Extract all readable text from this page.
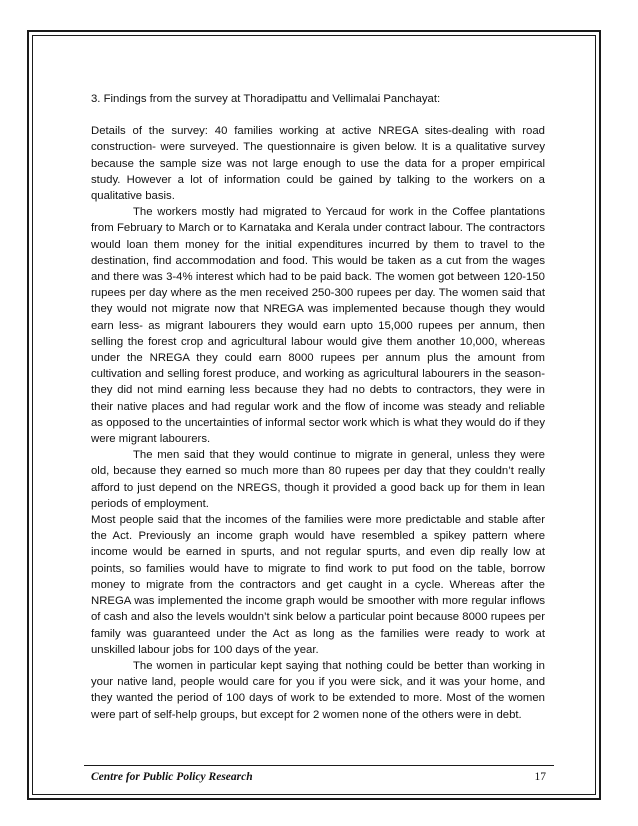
3. Findings from the survey at Thoradipattu and Vellimalai Panchayat:

Details of the survey: 40 families working at active NREGA sites-dealing with road construction- were surveyed. The questionnaire is given below. It is a qualitative survey because the sample size was not large enough to use the data for a proper empirical study. However a lot of information could be gained by talking to the workers on a qualitative basis.

The workers mostly had migrated to Yercaud for work in the Coffee plantations from February to March or to Karnataka and Kerala under contract labour. The contractors would loan them money for the initial expenditures incurred by them to travel to the destination, find accommodation and food. This would be taken as a cut from the wages and there was 3-4% interest which had to be paid back. The women got between 120-150 rupees per day where as the men received 250-300 rupees per day. The women said that they would not migrate now that NREGA was implemented because though they would earn less- as migrant labourers they would earn upto 15,000 rupees per annum, then selling the forest crop and agricultural labour would give them another 10,000, whereas under the NREGA they could earn 8000 rupees per annum plus the amount from cultivation and selling forest produce, and working as agricultural labourers in the season- they did not mind earning less because they had no debts to contractors, they were in their native places and had regular work and the flow of income was steady and reliable as opposed to the uncertainties of informal sector work which is what they would do if they were migrant labourers.

The men said that they would continue to migrate in general, unless they were old, because they earned so much more than 80 rupees per day that they couldn’t really afford to just depend on the NREGS, though it provided a good back up for them in lean periods of employment.

Most people said that the incomes of the families were more predictable and stable after the Act. Previously an income graph would have resembled a spikey pattern where income would be earned in spurts, and not regular spurts, and even dip really low at points, so families would have to migrate to find work to put food on the table, borrow money to migrate from the contractors and get caught in a cycle. Whereas after the NREGA was implemented the income graph would be smoother with more regular inflows of cash and also the levels wouldn’t sink below a particular point because 8000 rupees per family was guaranteed under the Act as long as the families were ready to work at unskilled labour jobs for 100 days of the year.

The women in particular kept saying that nothing could be better than working in your native land, people would care for you if you were sick, and it was your home, and they wanted the period of 100 days of work to be extended to more. Most of the women were part of self-help groups, but except for 2 women none of the others were in debt.

Centre for Public Policy Research	17
